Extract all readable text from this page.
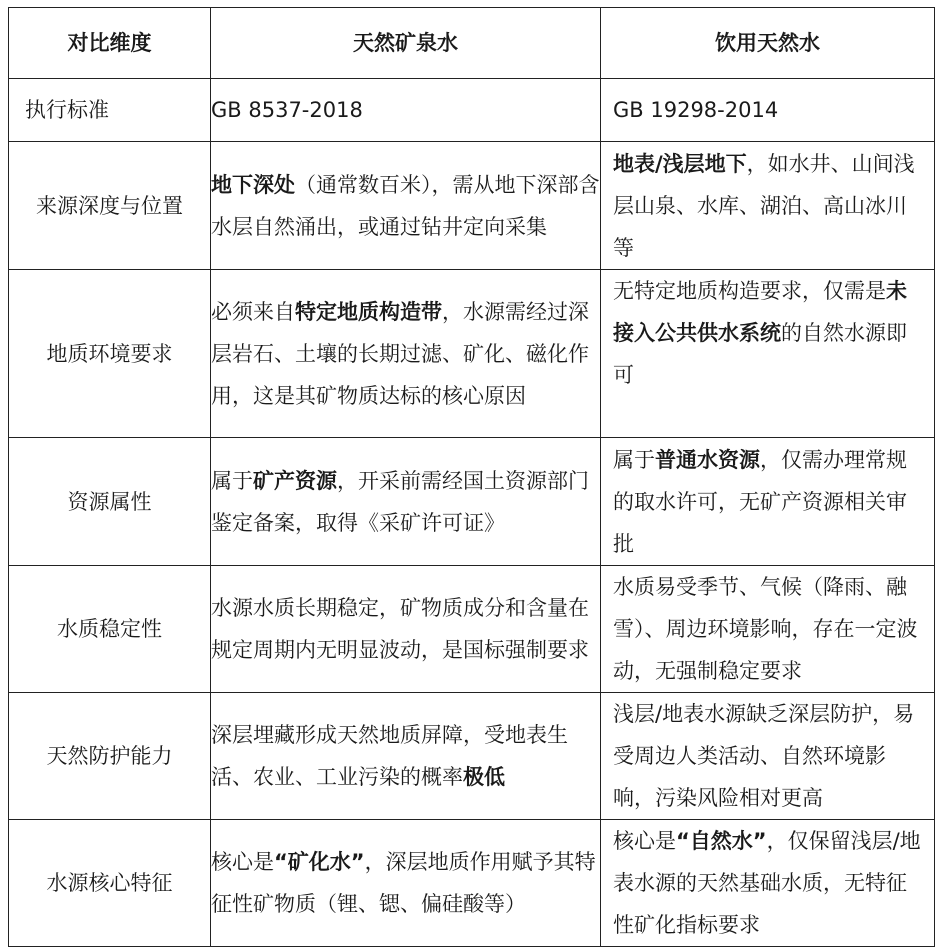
对比维度	天然矿泉水	饮用天然水
执行标准	GB 8537-2018	GB 19298-2014
来源深度与位置	地下深处（通常数百米），需从地下深部含水层自然涌出，或通过钻井定向采集	地表/浅层地下，如水井、山间浅层山泉、水库、湖泊、高山冰川等
地质环境要求	必须来自特定地质构造带，水源需经过深层岩石、土壤的长期过滤、矿化、磁化作用，这是其矿物质达标的核心原因	无特定地质构造要求，仅需是未接入公共供水系统的自然水源即可
资源属性	属于矿产资源，开采前需经国土资源部门鉴定备案，取得《采矿许可证》	属于普通水资源，仅需办理常规的取水许可，无矿产资源相关审批
水质稳定性	水源水质长期稳定，矿物质成分和含量在规定周期内无明显波动，是国标强制要求	水质易受季节、气候（降雨、融雪）、周边环境影响，存在一定波动，无强制稳定要求
天然防护能力	深层埋藏形成天然地质屏障，受地表生活、农业、工业污染的概率极低	浅层/地表水源缺乏深层防护，易受周边人类活动、自然环境影响，污染风险相对更高
水源核心特征	核心是“矿化水”，深层地质作用赋予其特征性矿物质（锂、锶、偏硅酸等）	核心是“自然水”，仅保留浅层/地表水源的天然基础水质，无特征性矿化指标要求
